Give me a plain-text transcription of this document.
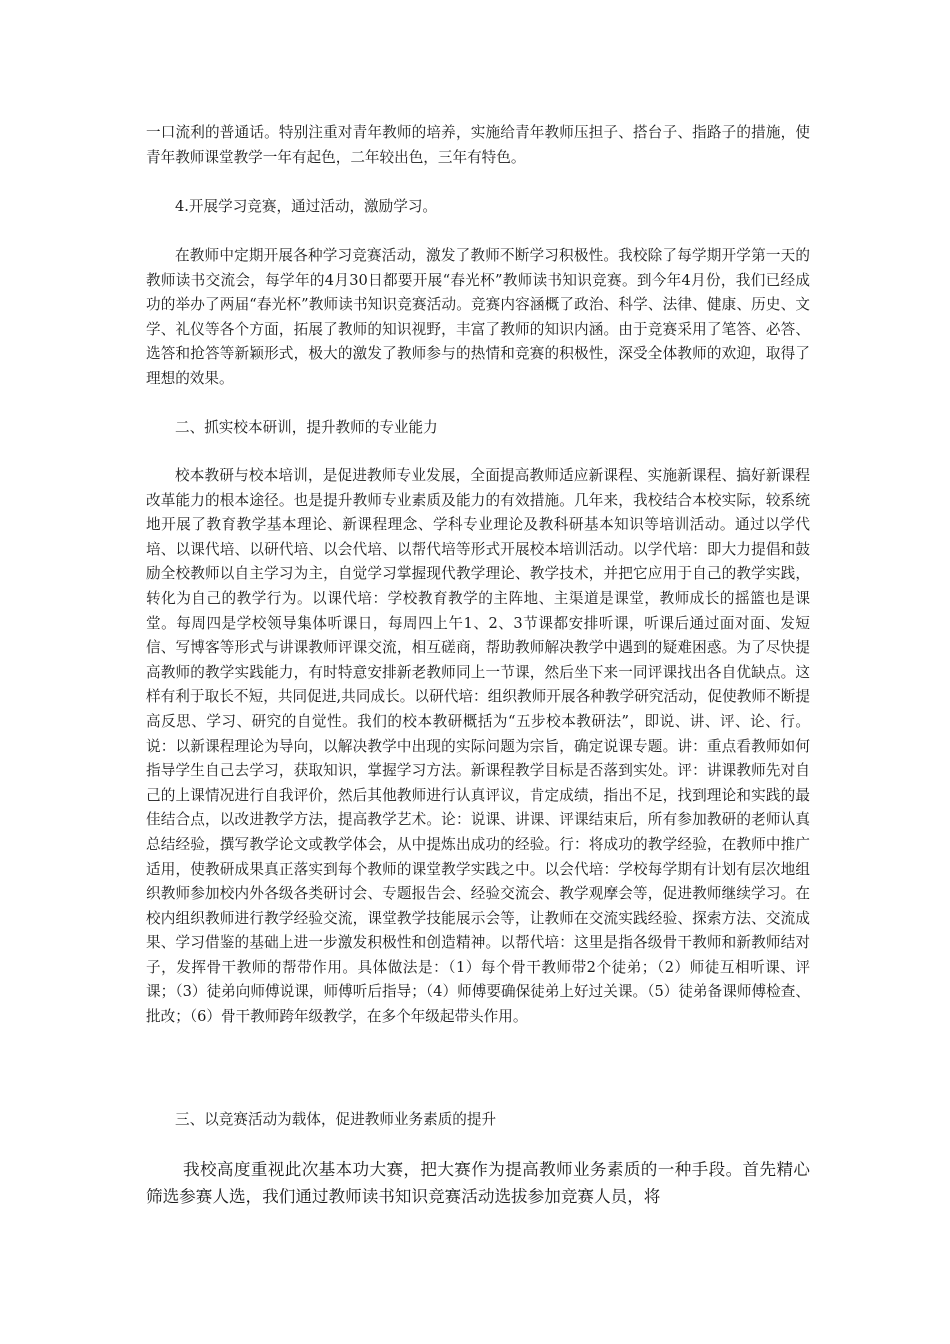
一口流利的普通话。特别注重对青年教师的培养，实施给青年教师压担子、搭台子、指路子的措施，使青年教师课堂教学一年有起色，二年较出色，三年有特色。

4.开展学习竞赛，通过活动，激励学习。

在教师中定期开展各种学习竞赛活动，激发了教师不断学习积极性。我校除了每学期开学第一天的教师读书交流会，每学年的4月30日都要开展“春光杯”教师读书知识竞赛。到今年4月份，我们已经成功的举办了两届“春光杯”教师读书知识竞赛活动。竞赛内容涵概了政治、科学、法律、健康、历史、文学、礼仪等各个方面，拓展了教师的知识视野，丰富了教师的知识内涵。由于竞赛采用了笔答、必答、选答和抢答等新颖形式，极大的激发了教师参与的热情和竞赛的积极性，深受全体教师的欢迎，取得了理想的效果。

二、抓实校本研训，提升教师的专业能力

校本教研与校本培训，是促进教师专业发展，全面提高教师适应新课程、实施新课程、搞好新课程改革能力的根本途径。也是提升教师专业素质及能力的有效措施。几年来，我校结合本校实际，较系统地开展了教育教学基本理论、新课程理念、学科专业理论及教科研基本知识等培训活动。通过以学代培、以课代培、以研代培、以会代培、以帮代培等形式开展校本培训活动。以学代培：即大力提倡和鼓励全校教师以自主学习为主，自觉学习掌握现代教学理论、教学技术，并把它应用于自己的教学实践，转化为自己的教学行为。以课代培：学校教育教学的主阵地、主渠道是课堂，教师成长的摇篮也是课堂。每周四是学校领导集体听课日，每周四上午1、2、3节课都安排听课，听课后通过面对面、发短信、写博客等形式与讲课教师评课交流，相互磋商，帮助教师解决教学中遇到的疑难困惑。为了尽快提高教师的教学实践能力，有时特意安排新老教师同上一节课，然后坐下来一同评课找出各自优缺点。这样有利于取长不短，共同促进,共同成长。以研代培：组织教师开展各种教学研究活动，促使教师不断提高反思、学习、研究的自觉性。我们的校本教研概括为“五步校本教研法”，即说、讲、评、论、行。说：以新课程理论为导向，以解决教学中出现的实际问题为宗旨，确定说课专题。讲：重点看教师如何指导学生自己去学习，获取知识，掌握学习方法。新课程教学目标是否落到实处。评：讲课教师先对自己的上课情况进行自我评价，然后其他教师进行认真评议，肯定成绩，指出不足，找到理论和实践的最佳结合点，以改进教学方法，提高教学艺术。论：说课、讲课、评课结束后，所有参加教研的老师认真总结经验，撰写教学论文或教学体会，从中提炼出成功的经验。行：将成功的教学经验，在教师中推广适用，使教研成果真正落实到每个教师的课堂教学实践之中。以会代培：学校每学期有计划有层次地组织教师参加校内外各级各类研讨会、专题报告会、经验交流会、教学观摩会等，促进教师继续学习。在校内组织教师进行教学经验交流，课堂教学技能展示会等，让教师在交流实践经验、探索方法、交流成果、学习借鉴的基础上进一步激发积极性和创造精神。以帮代培：这里是指各级骨干教师和新教师结对子，发挥骨干教师的帮带作用。具体做法是：（1）每个骨干教师带2个徒弟；（2）师徒互相听课、评课；（3）徒弟向师傅说课，师傅听后指导；（4）师傅要确保徒弟上好过关课。（5）徒弟备课师傅检查、批改；（6）骨干教师跨年级教学，在多个年级起带头作用。

三、以竞赛活动为载体，促进教师业务素质的提升

我校高度重视此次基本功大赛，把大赛作为提高教师业务素质的一种手段。首先精心筛选参赛人选，我们通过教师读书知识竞赛活动选拔参加竞赛人员，将
